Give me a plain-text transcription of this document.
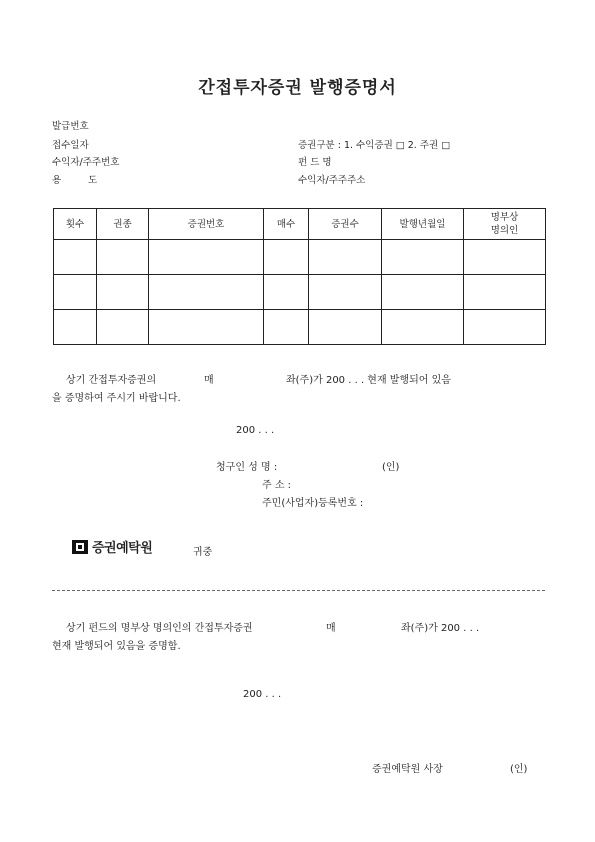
간접투자증권 발행증명서
발급번호
접수일자
수익자/주주번호
용	도
증권구분 : 1. 수익증권 □ 2. 주권 □
펀 드 명
수익자/주주주소
횟수	권종	증권번호	매수	증권수	발행년월일	명부상
명의인

상기 간접투자증권의	매	좌(주)가 200 . . . 현재 발행되어 있음
을 증명하여 주시기 바랍니다.
200 . . .
청구인 성 명 :	(인)
주 소 :
주민(사업자)등록번호 :
증권예탁원	귀중
상기 펀드의 명부상 명의인의 간접투자증권	매	좌(주)가 200 . . .
현재 발행되어 있음을 증명함.
200 . . .
증권예탁원 사장	(인)
